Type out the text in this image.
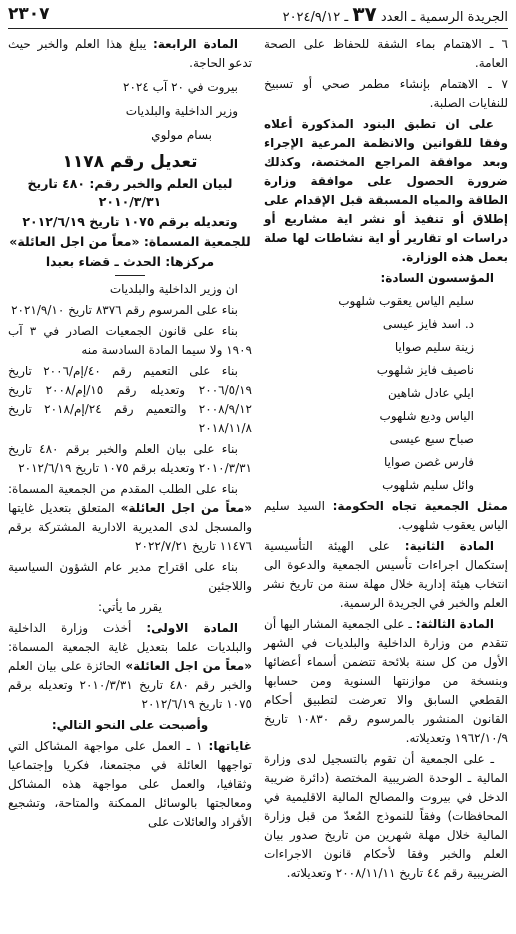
الجريدة الرسمية ـ العدد ٣٧ ـ ٢٠٢٤/٩/١٢
٢٣٠٧

٦ ـ الاهتمام بماء الشفة للحفاظ على الصحة العامة.

٧ ـ الاهتمام بإنشاء مطمر صحي أو تسبيخ للنفايات الصلبة.

على ان تطبق البنود المذكورة أعلاه وفقا للقوانين والانظمة المرعية الإجراء وبعد موافقة المراجع المختصة، وكذلك ضرورة الحصول على موافقة وزارة الطاقة والمياه المسبقة قبل الإقدام على إطلاق أو تنفيذ أو نشر اية مشاريع أو دراسات او تقارير أو اية نشاطات لها صلة بعمل هذه الوزارة.

المؤسسون السادة:

سليم الياس يعقوب شلهوب

د. اسد فايز عيسى

زينة سليم صوايا

ناصيف فايز شلهوب

ايلي عادل شاهين

الياس وديع شلهوب

صباح سبع عيسى

فارس غصن صوايا

وائل سليم شلهوب

ممثل الجمعية تجاه الحكومة: السيد سليم الياس يعقوب شلهوب.

المادة الثانية: على الهيئة التأسيسية إستكمال اجراءات تأسيس الجمعية والدعوة الى انتخاب هيئة إدارية خلال مهلة سنة من تاريخ نشر العلم والخبر في الجريدة الرسمية.

المادة الثالثة: ـ على الجمعية المشار اليها أن تتقدم من وزارة الداخلية والبلديات في الشهر الأول من كل سنة بلائحة تتضمن أسماء أعضائها وبنسخة من موازنتها السنوية ومن حسابها القطعي السابق والا تعرضت لتطبيق أحكام القانون المنشور بالمرسوم رقم ١٠٨٣٠ تاريخ ١٩٦٢/١٠/٩ وتعديلاته.

ـ على الجمعية أن تقوم بالتسجيل لدى وزارة المالية ـ الوحدة الضريبية المختصة (دائرة ضريبة الدخل في بيروت والمصالح المالية الاقليمية في المحافظات) وفقاً للنموذج المُعدّ من قبل وزارة المالية خلال مهلة شهرين من تاريخ صدور بيان العلم والخبر وفقا لأحكام قانون الاجراءات الضريبية رقم ٤٤ تاريخ ٢٠٠٨/١١/١١ وتعديلاته.

المادة الرابعة: يبلغ هذا العلم والخبر حيث تدعو الحاجة.

بيروت في ٢٠ آب ٢٠٢٤

وزير الداخلية والبلديات

بسام مولوي

تعديل رقم ١١٧٨

لبيان العلم والخبر رقم: ٤٨٠ تاريخ ٢٠١٠/٣/٣١

وتعديله برقم ١٠٧٥ تاريخ ٢٠١٢/٦/١٩

للجمعية المسماة: «معاً من اجل العائلة»

مركزها: الحدث ـ قضاء بعبدا

ان وزير الداخلية والبلديات

بناء على المرسوم رقم ٨٣٧٦ تاريخ ٢٠٢١/٩/١٠

بناء على قانون الجمعيات الصادر في ٣ آب ١٩٠٩ ولا سيما المادة السادسة منه

بناء على التعميم رقم ٤٠/إم/٢٠٠٦ تاريخ ٢٠٠٦/٥/١٩ وتعديله رقم ١٥/إم/٢٠٠٨ تاريخ ٢٠٠٨/٩/١٢ والتعميم رقم ٢٤/إم/٢٠١٨ تاريخ ٢٠١٨/١١/٨

بناء على بيان العلم والخبر برقم ٤٨٠ تاريخ ٢٠١٠/٣/٣١ وتعديله برقم ١٠٧٥ تاريخ ٢٠١٢/٦/١٩

بناء على الطلب المقدم من الجمعية المسماة: «معاً من اجل العائلة» المتعلق بتعديل غايتها والمسجل لدى المديرية الادارية المشتركة برقم ١١٤٧٦ تاريخ ٢٠٢٢/٧/٢١

بناء على اقتراح مدير عام الشؤون السياسية واللاجئين

يقرر ما يأتي:

المادة الاولى: أخذت وزارة الداخلية والبلديات علما بتعديل غاية الجمعية المسماة: «معاً من اجل العائلة» الحائزة على بيان العلم والخبر رقم ٤٨٠ تاريخ ٢٠١٠/٣/٣١ وتعديله برقم ١٠٧٥ تاريخ ٢٠١٢/٦/١٩

وأصبحت على النحو التالي:

غاياتها: ١ ـ العمل على مواجهة المشاكل التي تواجهها العائلة في مجتمعنا، فكريا وإجتماعيا وثقافيا، والعمل على مواجهة هذه المشاكل ومعالجتها بالوسائل الممكنة والمتاحة، وتشجيع الأفراد والعائلات على
